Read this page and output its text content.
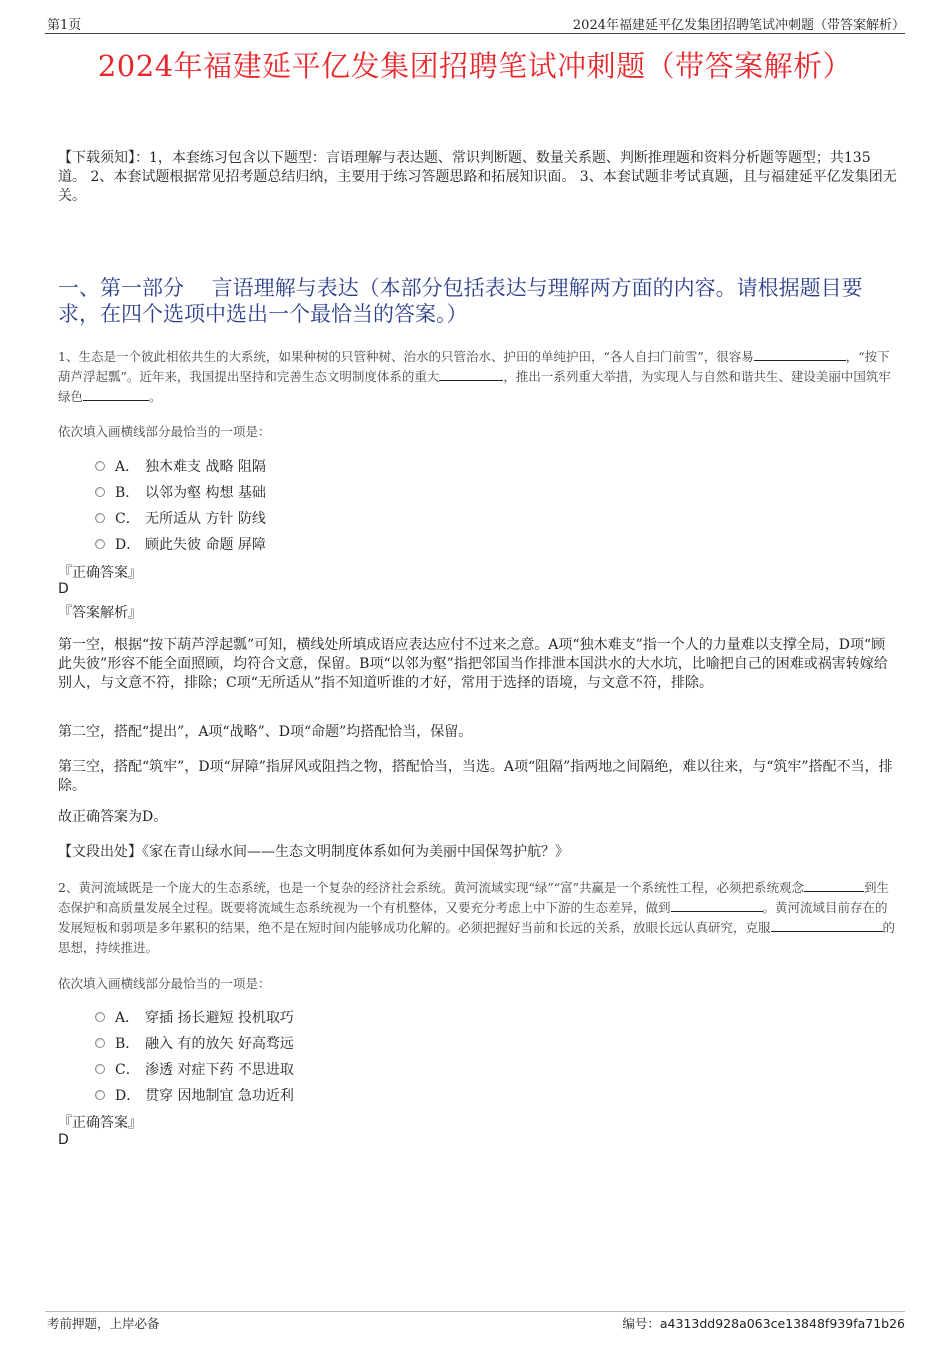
第1页	2024年福建延平亿发集团招聘笔试冲刺题（带答案解析）
2024年福建延平亿发集团招聘笔试冲刺题（带答案解析）
【下载须知】：1，本套练习包含以下题型：言语理解与表达题、常识判断题、数量关系题、判断推理题和资料分析题等题型；共135道。 2、本套试题根据常见招考题总结归纳，主要用于练习答题思路和拓展知识面。 3、本套试题非考试真题，且与福建延平亿发集团无关。
一、第一部分　 言语理解与表达（本部分包括表达与理解两方面的内容。请根据题目要求，在四个选项中选出一个最恰当的答案。）
1、生态是一个彼此相依共生的大系统，如果种树的只管种树、治水的只管治水、护田的单纯护田，“各人自扫门前雪”，很容易	，“按下葫芦浮起瓢”。近年来，我国提出坚持和完善生态文明制度体系的重大	，推出一系列重大举措，为实现人与自然和谐共生、建设美丽中国筑牢绿色	。
依次填入画横线部分最恰当的一项是：
A． 独木难支 战略 阻隔
B． 以邻为壑 构想 基础
C． 无所适从 方针 防线
D． 顾此失彼 命题 屏障
『正确答案』
D
『答案解析』
第一空，根据“按下葫芦浮起瓢”可知，横线处所填成语应表达应付不过来之意。A项“独木难支”指一个人的力量难以支撑全局，D项“顾此失彼”形容不能全面照顾，均符合文意，保留。B项“以邻为壑”指把邻国当作排泄本国洪水的大水坑，比喻把自己的困难或祸害转嫁给别人，与文意不符，排除；C项“无所适从”指不知道听谁的才好，常用于选择的语境，与文意不符，排除。
第二空，搭配“提出”，A项“战略”、D项“命题”均搭配恰当，保留。
第三空，搭配“筑牢”，D项“屏障”指屏风或阻挡之物，搭配恰当，当选。A项“阻隔”指两地之间隔绝，难以往来，与“筑牢”搭配不当，排除。
故正确答案为D。
【文段出处】《家在青山绿水间——生态文明制度体系如何为美丽中国保驾护航？》
2、黄河流域既是一个庞大的生态系统，也是一个复杂的经济社会系统。黄河流域实现“绿”“富”共赢是一个系统性工程，必须把系统观念	到生态保护和高质量发展全过程。既要将流域生态系统视为一个有机整体，又要充分考虑上中下游的生态差异，做到	。黄河流域目前存在的发展短板和弱项是多年累积的结果，绝不是在短时间内能够成功化解的。必须把握好当前和长远的关系，放眼长远认真研究，克服	的思想，持续推进。
依次填入画横线部分最恰当的一项是：
A． 穿插 扬长避短 投机取巧
B． 融入 有的放矢 好高骛远
C． 渗透 对症下药 不思进取
D． 贯穿 因地制宜 急功近利
『正确答案』
D
考前押题，上岸必备	编号：a4313dd928a063ce13848f939fa71b26
